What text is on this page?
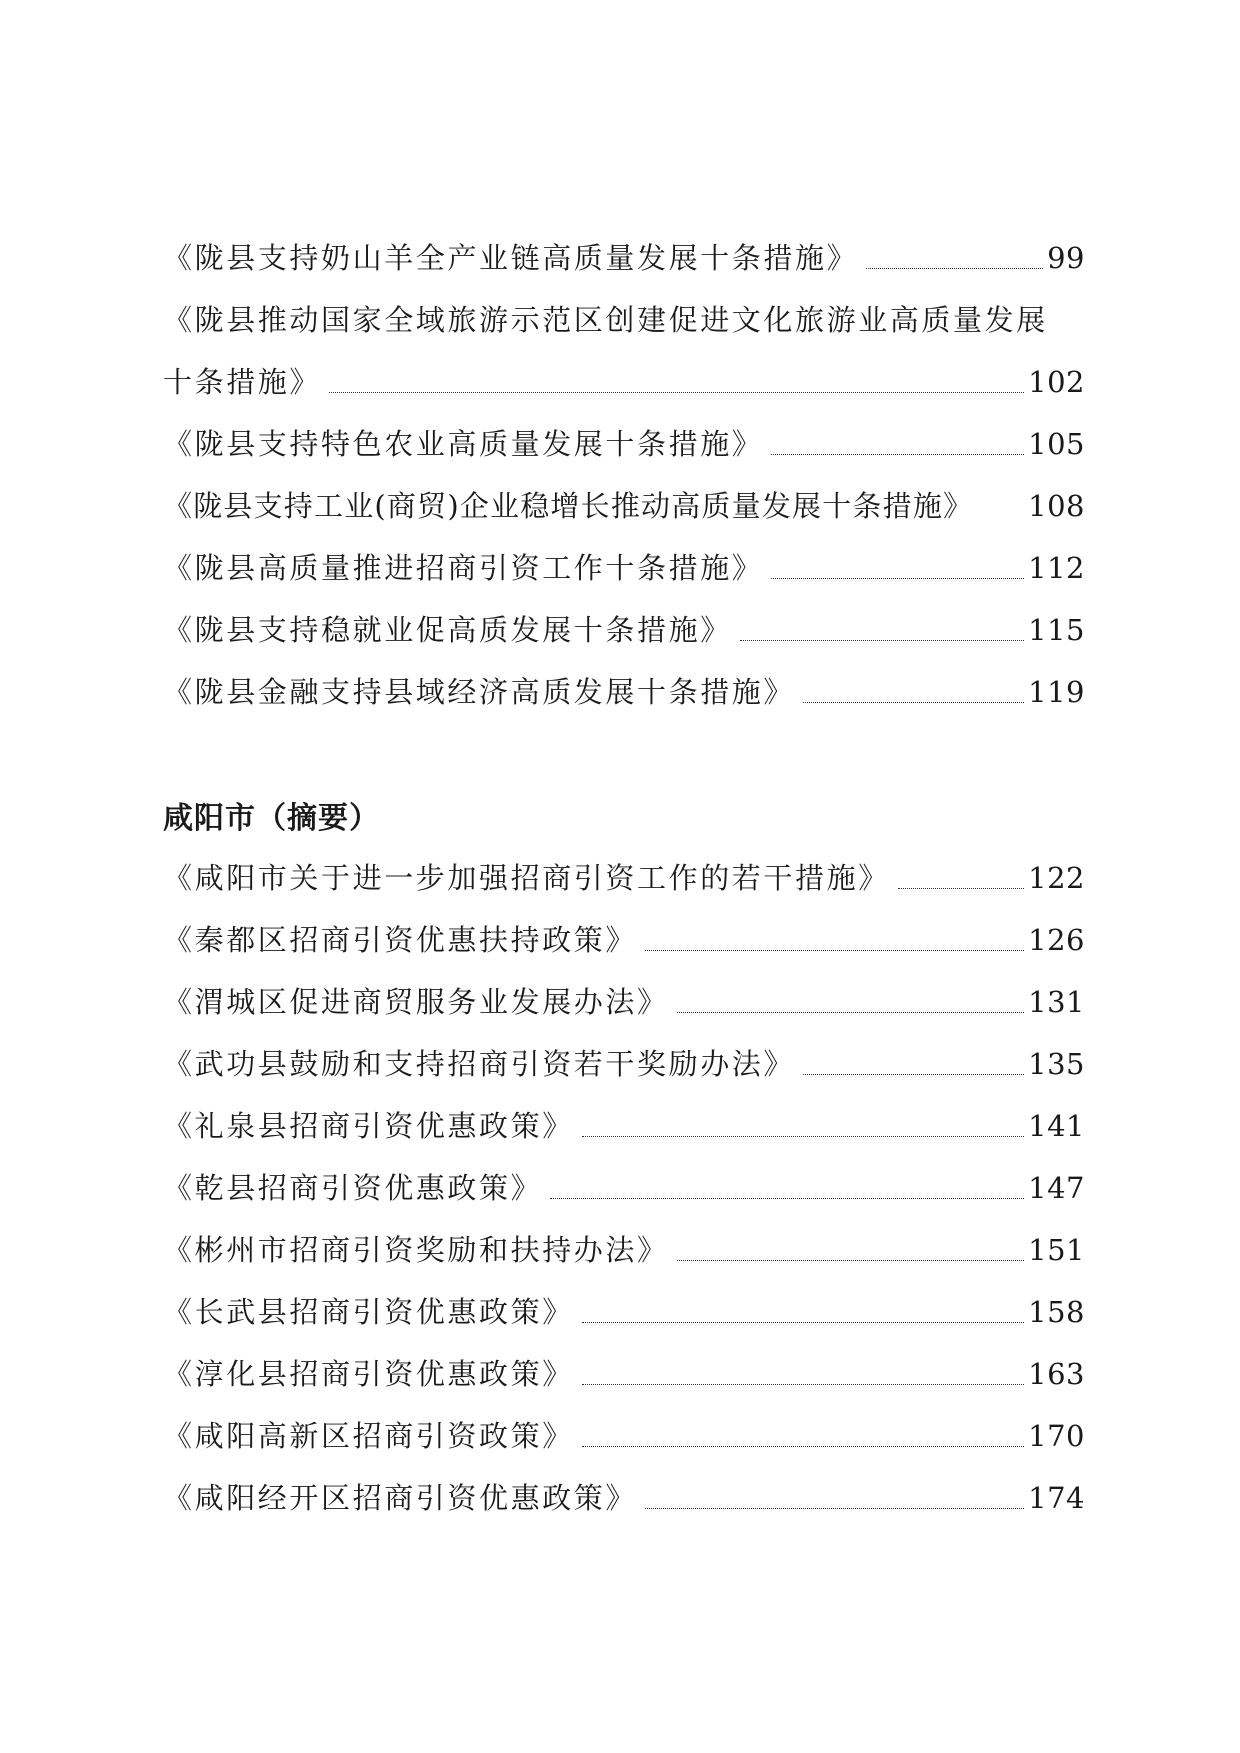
《陇县支持奶山羊全产业链高质量发展十条措施》	99
《陇县推动国家全域旅游示范区创建促进文化旅游业高质量发展
十条措施》	102
《陇县支持特色农业高质量发展十条措施》	105
《陇县支持工业(商贸)企业稳增长推动高质量发展十条措施》 108
《陇县高质量推进招商引资工作十条措施》	112
《陇县支持稳就业促高质发展十条措施》	115
《陇县金融支持县域经济高质发展十条措施》	119
咸阳市（摘要）
《咸阳市关于进一步加强招商引资工作的若干措施》	122
《秦都区招商引资优惠扶持政策》	126
《渭城区促进商贸服务业发展办法》	131
《武功县鼓励和支持招商引资若干奖励办法》	135
《礼泉县招商引资优惠政策》	141
《乾县招商引资优惠政策》	147
《彬州市招商引资奖励和扶持办法》	151
《长武县招商引资优惠政策》	158
《淳化县招商引资优惠政策》	163
《咸阳高新区招商引资政策》	170
《咸阳经开区招商引资优惠政策》	174
